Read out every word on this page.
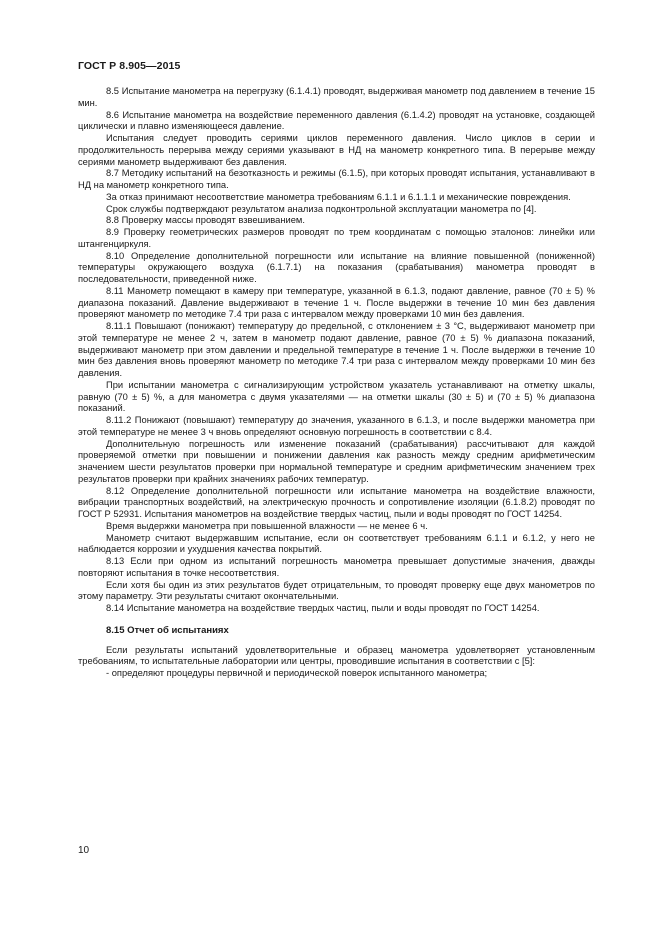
ГОСТ Р 8.905—2015

8.5 Испытание манометра на перегрузку (6.1.4.1) проводят, выдерживая манометр под давлением в течение 15 мин.

8.6 Испытание манометра на воздействие переменного давления (6.1.4.2) проводят на установке, создающей циклически и плавно изменяющееся давление.

Испытания следует проводить сериями циклов переменного давления. Число циклов в серии и продолжительность перерыва между сериями указывают в НД на манометр конкретного типа. В перерыве между сериями манометр выдерживают без давления.

8.7 Методику испытаний на безотказность и режимы (6.1.5), при которых проводят испытания, устанавливают в НД на манометр конкретного типа.

За отказ принимают несоответствие манометра требованиям 6.1.1 и 6.1.1.1 и механические повреждения.

Срок службы подтверждают результатом анализа подконтрольной эксплуатации манометра по [4].

8.8 Проверку массы проводят взвешиванием.

8.9 Проверку геометрических размеров проводят по трем координатам с помощью эталонов: линейки или штангенциркуля.

8.10 Определение дополнительной погрешности или испытание на влияние повышенной (пониженной) температуры окружающего воздуха (6.1.7.1) на показания (срабатывания) манометра проводят в последовательности, приведенной ниже.

8.11 Манометр помещают в камеру при температуре, указанной в 6.1.3, подают давление, равное (70 ± 5) % диапазона показаний. Давление выдерживают в течение 1 ч. После выдержки в течение 10 мин без давления проверяют манометр по методике 7.4 три раза с интервалом между проверками 10 мин без давления.

8.11.1 Повышают (понижают) температуру до предельной, с отклонением ± 3 °С, выдерживают манометр при этой температуре не менее 2 ч, затем в манометр подают давление, равное (70 ± 5) % диапазона показаний, выдерживают манометр при этом давлении и предельной температуре в течение 1 ч. После выдержки в течение 10 мин без давления вновь проверяют манометр по методике 7.4 три раза с интервалом между проверками 10 мин без давления.

При испытании манометра с сигнализирующим устройством указатель устанавливают на отметку шкалы, равную (70 ± 5) %, а для манометра с двумя указателями — на отметки шкалы (30 ± 5) и (70 ± 5) % диапазона показаний.

8.11.2 Понижают (повышают) температуру до значения, указанного в 6.1.3, и после выдержки манометра при этой температуре не менее 3 ч вновь определяют основную погрешность в соответствии с 8.4.

Дополнительную погрешность или изменение показаний (срабатывания) рассчитывают для каждой проверяемой отметки при повышении и понижении давления как разность между средним арифметическим значением шести результатов проверки при нормальной температуре и средним арифметическим значением трех результатов проверки при крайних значениях рабочих температур.

8.12 Определение дополнительной погрешности или испытание манометра на воздействие влажности, вибрации транспортных воздействий, на электрическую прочность и сопротивление изоляции (6.1.8.2) проводят по ГОСТ Р 52931. Испытания манометров на воздействие твердых частиц, пыли и воды проводят по ГОСТ 14254.

Время выдержки манометра при повышенной влажности — не менее 6 ч.

Манометр считают выдержавшим испытание, если он соответствует требованиям 6.1.1 и 6.1.2, у него не наблюдается коррозии и ухудшения качества покрытий.

8.13 Если при одном из испытаний погрешность манометра превышает допустимые значения, дважды повторяют испытания в точке несоответствия.

Если хотя бы один из этих результатов будет отрицательным, то проводят проверку еще двух манометров по этому параметру. Эти результаты считают окончательными.

8.14 Испытание манометра на воздействие твердых частиц, пыли и воды проводят по ГОСТ 14254.

8.15 Отчет об испытаниях

Если результаты испытаний удовлетворительные и образец манометра удовлетворяет установленным требованиям, то испытательные лаборатории или центры, проводившие испытания в соответствии с [5]:

- определяют процедуры первичной и периодической поверок испытанного манометра;

10
